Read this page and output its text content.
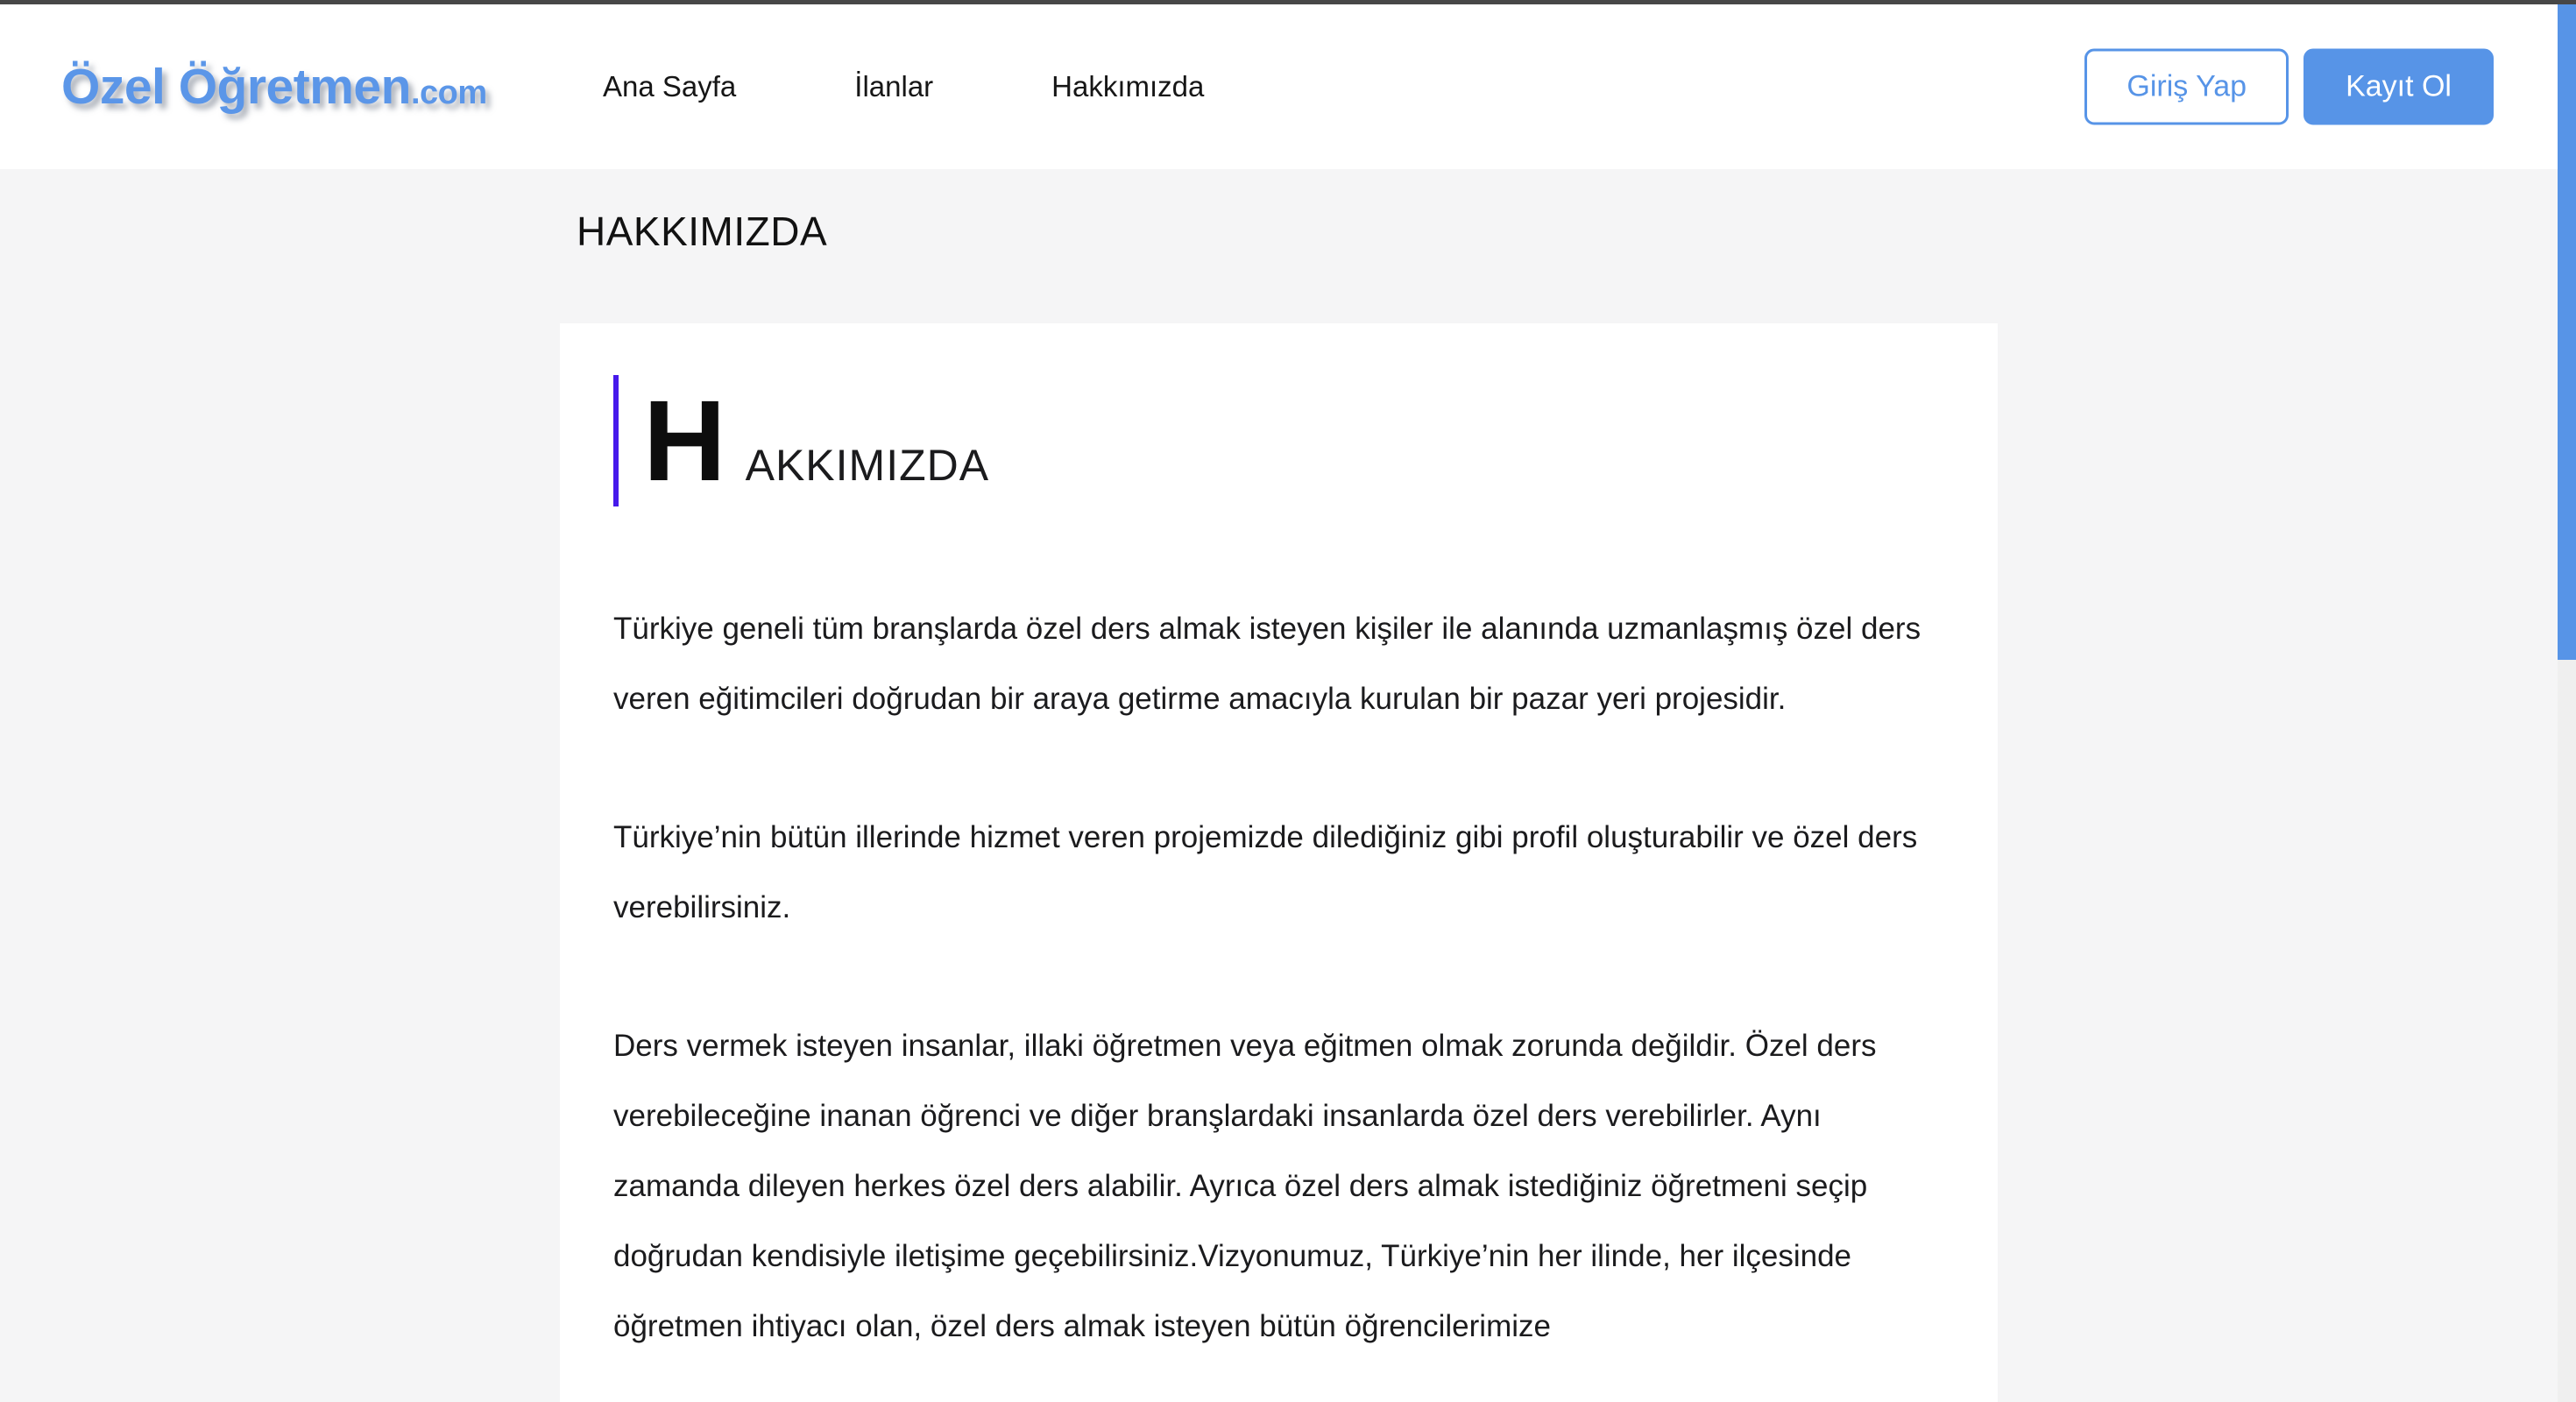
Özel Öğretmen.com	Ana Sayfa	İlanlar	Hakkımızda	Giriş Yap	Kayıt Ol
HAKKIMIZDA
H AKKIMIZDA

Türkiye geneli tüm branşlarda özel ders almak isteyen kişiler ile alanında uzmanlaşmış özel ders veren eğitimcileri doğrudan bir araya getirme amacıyla kurulan bir pazar yeri projesidir.

Türkiye’nin bütün illerinde hizmet veren projemizde dilediğiniz gibi profil oluşturabilir ve özel ders verebilirsiniz.

Ders vermek isteyen insanlar, illaki öğretmen veya eğitmen olmak zorunda değildir. Özel ders verebileceğine inanan öğrenci ve diğer branşlardaki insanlarda özel ders verebilirler. Aynı zamanda dileyen herkes özel ders alabilir. Ayrıca özel ders almak istediğiniz öğretmeni seçip doğrudan kendisiyle iletişime geçebilirsiniz.Vizyonumuz, Türkiye’nin her ilinde, her ilçesinde öğretmen ihtiyacı olan, özel ders almak isteyen bütün öğrencilerimize
